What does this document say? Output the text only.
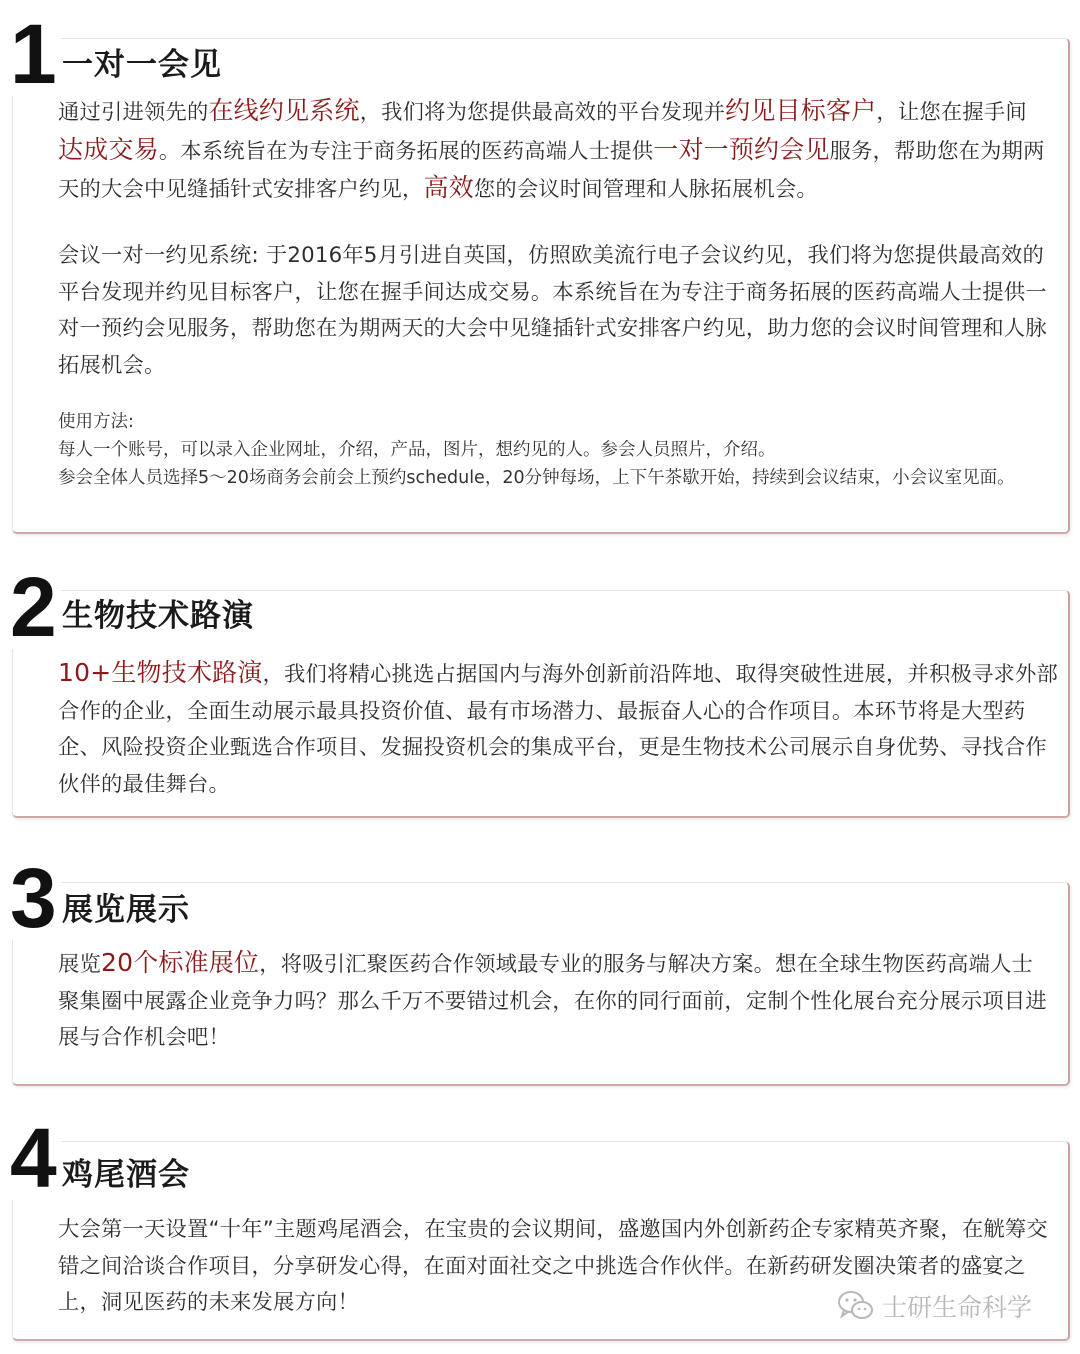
1 一对一会见

通过引进领先的在线约见系统，我们将为您提供最高效的平台发现并约见目标客户，让您在握手间达成交易。本系统旨在为专注于商务拓展的医药高端人士提供一对一预约会见服务，帮助您在为期两天的大会中见缝插针式安排客户约见，高效您的会议时间管理和人脉拓展机会。

会议一对一约见系统: 于2016年5月引进自英国，仿照欧美流行电子会议约见，我们将为您提供最高效的平台发现并约见目标客户，让您在握手间达成交易。本系统旨在为专注于商务拓展的医药高端人士提供一对一预约会见服务，帮助您在为期两天的大会中见缝插针式安排客户约见，助力您的会议时间管理和人脉拓展机会。

使用方法:

每人一个账号，可以录入企业网址，介绍，产品，图片，想约见的人。参会人员照片，介绍。

参会全体人员选择5～20场商务会前会上预约schedule，20分钟每场，上下午茶歇开始，持续到会议结束，小会议室见面。

2 生物技术路演

10+生物技术路演，我们将精心挑选占据国内与海外创新前沿阵地、取得突破性进展，并积极寻求外部合作的企业，全面生动展示最具投资价值、最有市场潜力、最振奋人心的合作项目。本环节将是大型药企、风险投资企业甄选合作项目、发掘投资机会的集成平台，更是生物技术公司展示自身优势、寻找合作伙伴的最佳舞台。

3 展览展示

展览20个标准展位，将吸引汇聚医药合作领域最专业的服务与解决方案。想在全球生物医药高端人士聚集圈中展露企业竞争力吗？那么千万不要错过机会，在你的同行面前，定制个性化展台充分展示项目进展与合作机会吧！

4 鸡尾酒会

大会第一天设置“十年”主题鸡尾酒会，在宝贵的会议期间，盛邀国内外创新药企专家精英齐聚，在觥筹交错之间洽谈合作项目，分享研发心得，在面对面社交之中挑选合作伙伴。在新药研发圈决策者的盛宴之上，洞见医药的未来发展方向！	士研生命科学
